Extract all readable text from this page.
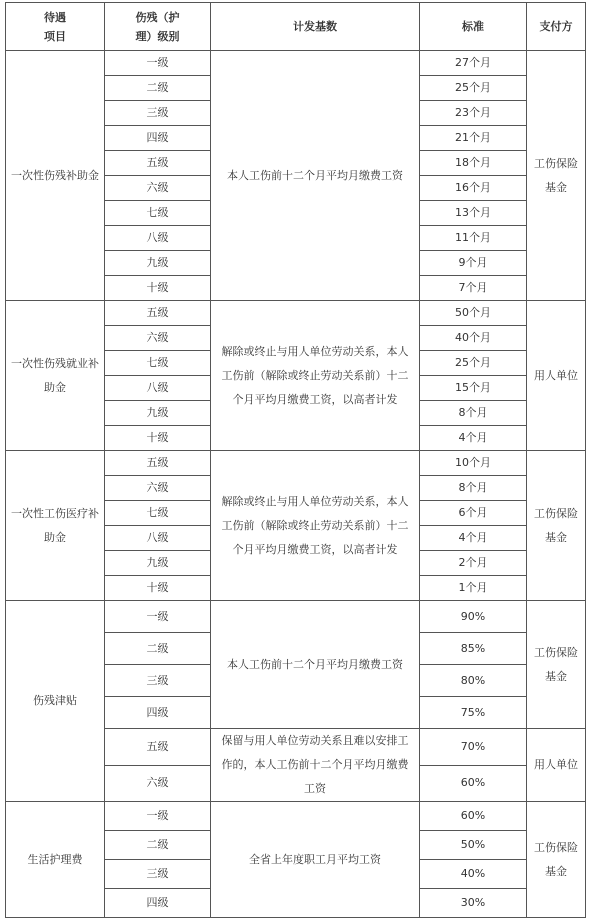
待遇
项目	伤残（护
理）级别	计发基数	标准	支付方
一次性伤残补助金	一级	本人工伤前十二个月平均月缴费工资	27个月	工伤保险基金
	二级		25个月	
	三级		23个月	
	四级		21个月	
	五级		18个月	
	六级		16个月	
	七级		13个月	
	八级		11个月	
	九级		9个月	
	十级		7个月	
一次性伤残就业补助金	五级	解除或终止与用人单位劳动关系，本人工伤前（解除或终止劳动关系前）十二个月平均月缴费工资，以高者计发	50个月	用人单位
	六级		40个月	
	七级		25个月	
	八级		15个月	
	九级		8个月	
	十级		4个月	
一次性工伤医疗补助金	五级	解除或终止与用人单位劳动关系，本人工伤前（解除或终止劳动关系前）十二个月平均月缴费工资，以高者计发	10个月	工伤保险基金
	六级		8个月	
	七级		6个月	
	八级		4个月	
	九级		2个月	
	十级		1个月	
伤残津贴	一级	本人工伤前十二个月平均月缴费工资	90%	工伤保险基金
	二级		85%	
	三级		80%	
	四级		75%	
	五级	保留与用人单位劳动关系且难以安排工作的，本人工伤前十二个月平均月缴费工资	70%	用人单位
	六级		60%	
生活护理费	一级	全省上年度职工月平均工资	60%	工伤保险基金
	二级		50%	
	三级		40%	
	四级		30%	
